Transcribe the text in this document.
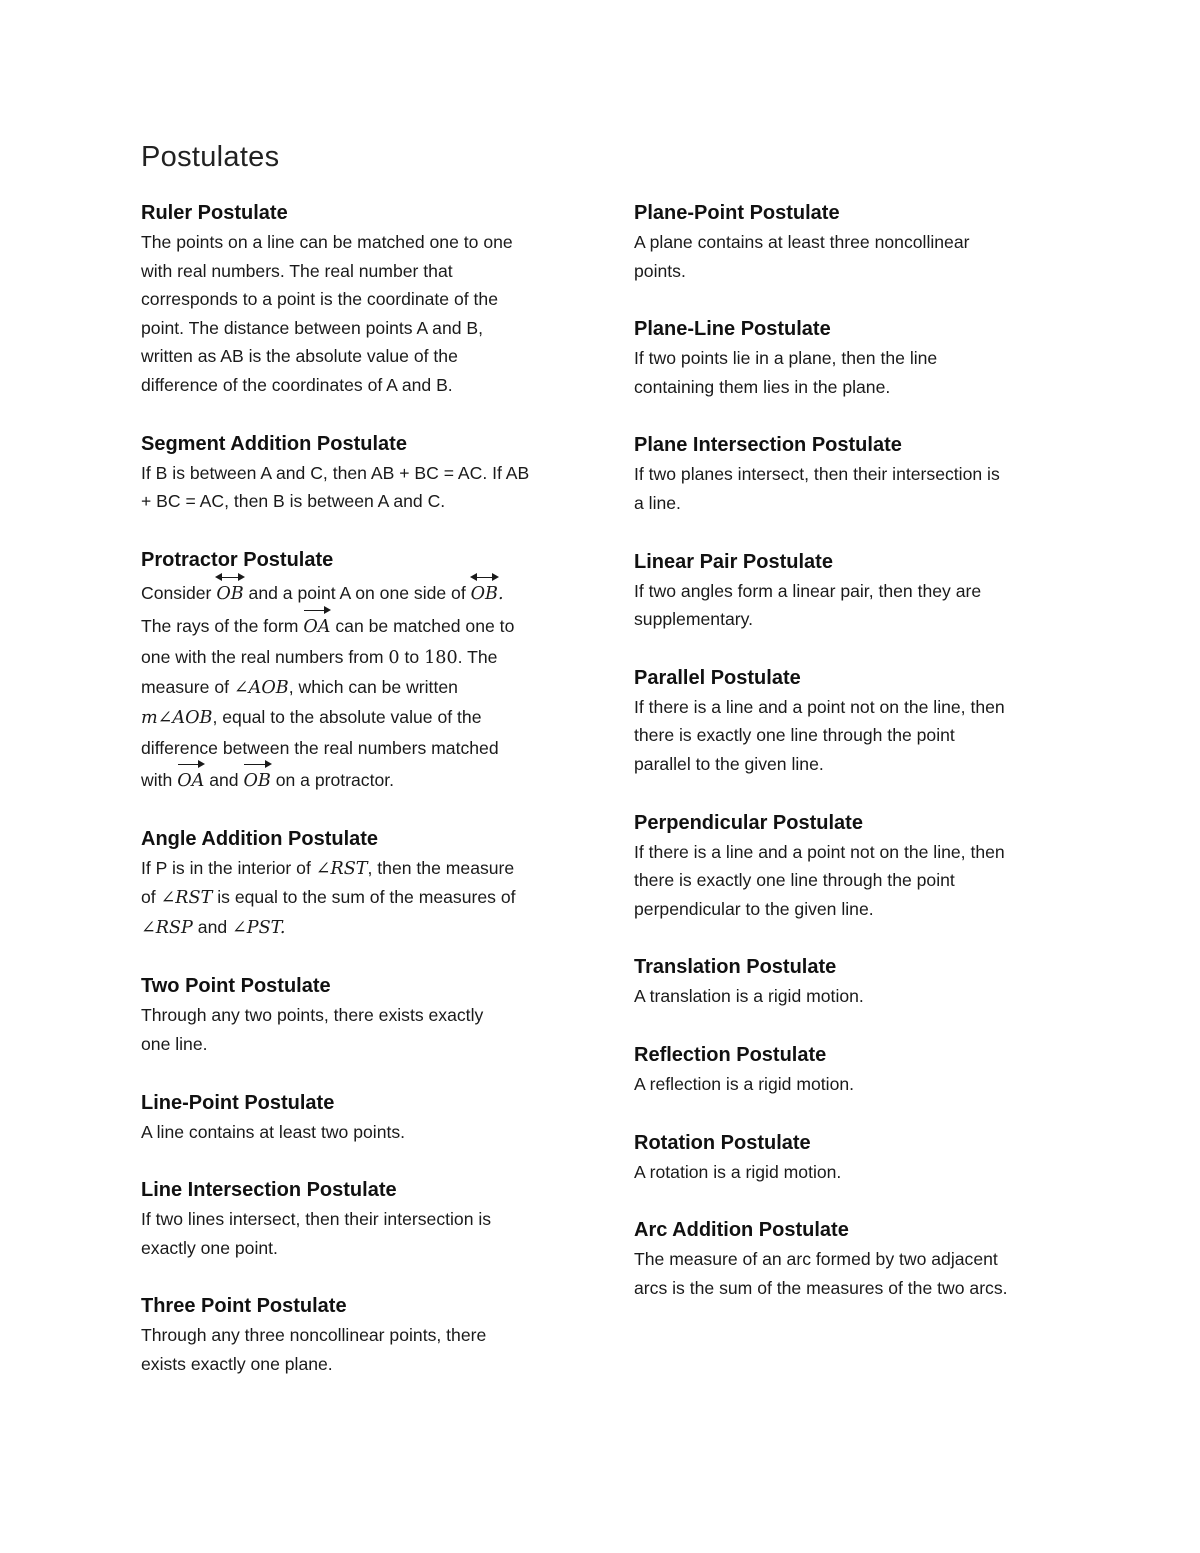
Postulates
Ruler Postulate
The points on a line can be matched one to one
with real numbers. The real number that
corresponds to a point is the coordinate of the
point. The distance between points A and B,
written as AB is the absolute value of the
difference of the coordinates of A and B.
Segment Addition Postulate
If B is between A and C, then AB + BC = AC. If AB
+ BC = AC, then B is between A and C.
Protractor Postulate
Consider
OB and a point A on one side of
OB.
The rays of the form OA can be matched one to
one with the real numbers from 0 to 180. The
measure of ∠AOB, which can be written
m∠AOB, equal to the absolute value of the
difference between the real numbers matched
with OA and OB on a protractor.
Angle Addition Postulate
If P is in the interior of ∠RST, then the measure
of ∠RST is equal to the sum of the measures of
∠RSP and ∠PST.
Two Point Postulate
Through any two points, there exists exactly
one line.
Line-Point Postulate
A line contains at least two points.
Line Intersection Postulate
If two lines intersect, then their intersection is
exactly one point.
Three Point Postulate
Through any three noncollinear points, there
exists exactly one plane.
Plane-Point Postulate
A plane contains at least three noncollinear
points.
Plane-Line Postulate
If two points lie in a plane, then the line
containing them lies in the plane.
Plane Intersection Postulate
If two planes intersect, then their intersection is
a line.
Linear Pair Postulate
If two angles form a linear pair, then they are
supplementary.
Parallel Postulate
If there is a line and a point not on the line, then
there is exactly one line through the point
parallel to the given line.
Perpendicular Postulate
If there is a line and a point not on the line, then
there is exactly one line through the point
perpendicular to the given line.
Translation Postulate
A translation is a rigid motion.
Reflection Postulate
A reflection is a rigid motion.
Rotation Postulate
A rotation is a rigid motion.
Arc Addition Postulate
The measure of an arc formed by two adjacent
arcs is the sum of the measures of the two arcs.
